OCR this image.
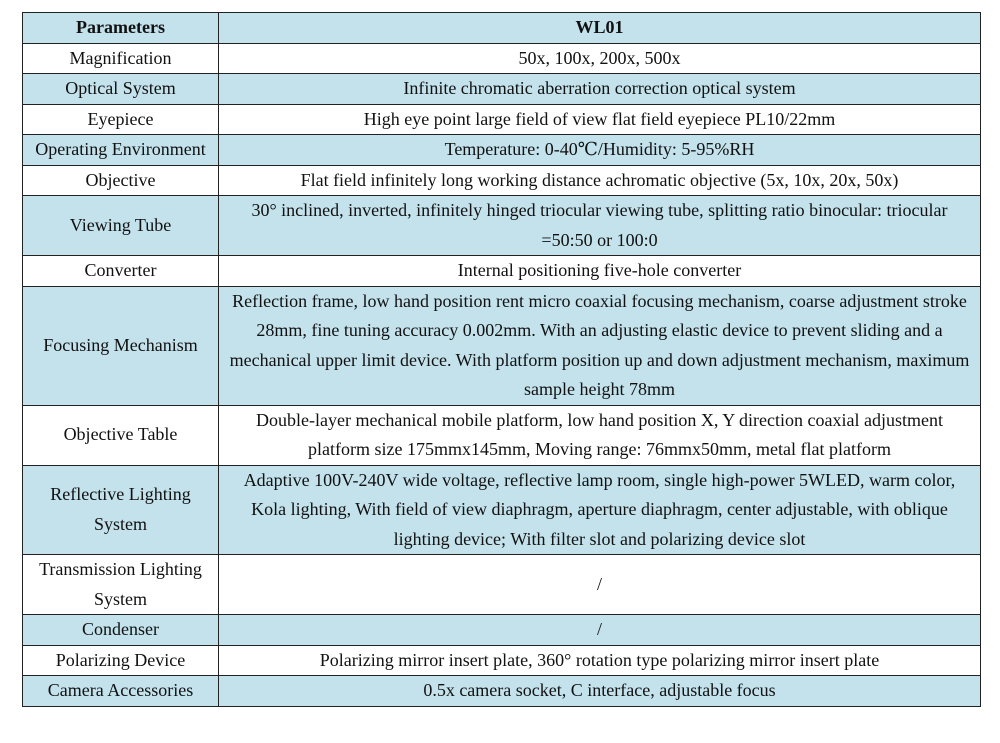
Parameters	WL01
Magnification	50x, 100x, 200x, 500x
Optical System	Infinite chromatic aberration correction optical system
Eyepiece	High eye point large field of view flat field eyepiece PL10/22mm
Operating Environment	Temperature: 0-40℃/Humidity: 5-95%RH
Objective	Flat field infinitely long working distance achromatic objective (5x, 10x, 20x, 50x)
Viewing Tube	30° inclined, inverted, infinitely hinged triocular viewing tube, splitting ratio binocular: triocular =50:50 or 100:0
Converter	Internal positioning five-hole converter
Focusing Mechanism	Reflection frame, low hand position rent micro coaxial focusing mechanism, coarse adjustment stroke 28mm, fine tuning accuracy 0.002mm. With an adjusting elastic device to prevent sliding and a mechanical upper limit device. With platform position up and down adjustment mechanism, maximum sample height 78mm
Objective Table	Double-layer mechanical mobile platform, low hand position X, Y direction coaxial adjustment platform size 175mmx145mm, Moving range: 76mmx50mm, metal flat platform
Reflective Lighting System	Adaptive 100V-240V wide voltage, reflective lamp room, single high-power 5WLED, warm color, Kola lighting, With field of view diaphragm, aperture diaphragm, center adjustable, with oblique lighting device; With filter slot and polarizing device slot
Transmission Lighting System	/
Condenser	/
Polarizing Device	Polarizing mirror insert plate, 360° rotation type polarizing mirror insert plate
Camera Accessories	0.5x camera socket, C interface, adjustable focus
